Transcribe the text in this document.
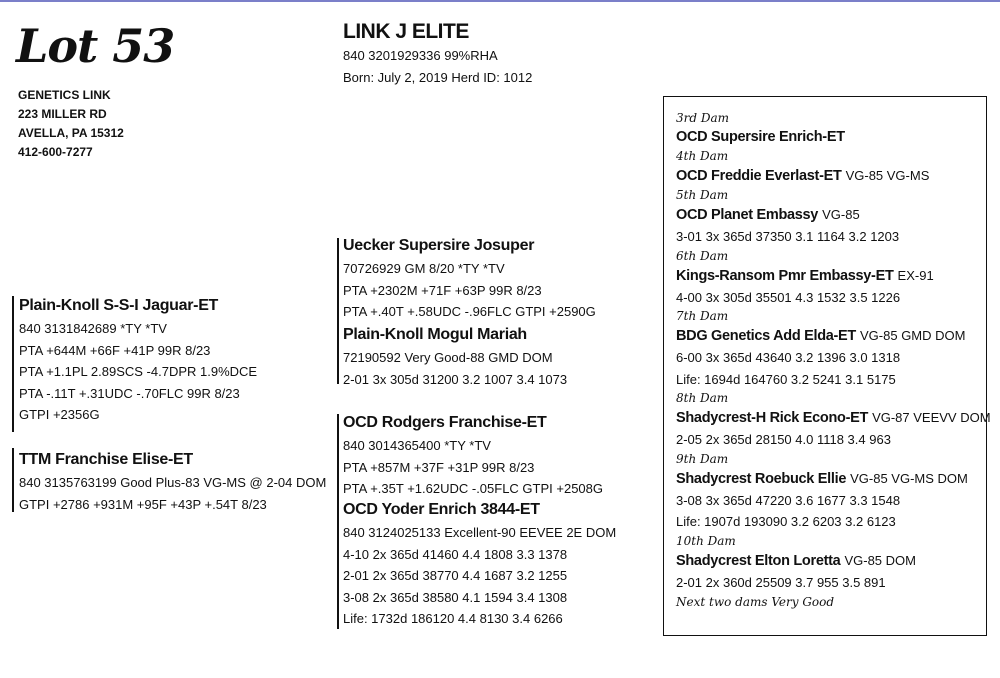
Lot 53
GENETICS LINK
223 MILLER RD
AVELLA, PA 15312
412-600-7277
LINK J ELITE
840 3201929336 99%RHA
Born: July 2, 2019 Herd ID: 1012
Plain-Knoll S-S-I Jaguar-ET
840 3131842689 *TY *TV
PTA +644M +66F +41P 99R 8/23
PTA +1.1PL 2.89SCS -4.7DPR 1.9%DCE
PTA -.11T +.31UDC -.70FLC 99R 8/23
GTPI +2356G
TTM Franchise Elise-ET
840 3135763199 Good Plus-83 VG-MS @ 2-04 DOM
GTPI +2786 +931M +95F +43P +.54T 8/23
Uecker Supersire Josuper
70726929 GM 8/20 *TY *TV
PTA +2302M +71F +63P 99R 8/23
PTA +.40T +.58UDC -.96FLC GTPI +2590G
Plain-Knoll Mogul Mariah
72190592 Very Good-88 GMD DOM
2-01 3x 305d 31200 3.2 1007 3.4 1073
OCD Rodgers Franchise-ET
840 3014365400 *TY *TV
PTA +857M +37F +31P 99R 8/23
PTA +.35T +1.62UDC -.05FLC GTPI +2508G
OCD Yoder Enrich 3844-ET
840 3124025133 Excellent-90 EEVEE 2E DOM
4-10 2x 365d 41460 4.4 1808 3.3 1378
2-01 2x 365d 38770 4.4 1687 3.2 1255
3-08 2x 365d 38580 4.1 1594 3.4 1308
Life: 1732d 186120 4.4 8130 3.4 6266
3rd Dam
OCD Supersire Enrich-ET
4th Dam
OCD Freddie Everlast-ET VG-85 VG-MS
5th Dam
OCD Planet Embassy VG-85
3-01 3x 365d 37350 3.1 1164 3.2 1203
6th Dam
Kings-Ransom Pmr Embassy-ET EX-91
4-00 3x 305d 35501 4.3 1532 3.5 1226
7th Dam
BDG Genetics Add Elda-ET VG-85 GMD DOM
6-00 3x 365d 43640 3.2 1396 3.0 1318
Life: 1694d 164760 3.2 5241 3.1 5175
8th Dam
Shadycrest-H Rick Econo-ET VG-87 VEEVV DOM
2-05 2x 365d 28150 4.0 1118 3.4 963
9th Dam
Shadycrest Roebuck Ellie VG-85 VG-MS DOM
3-08 3x 365d 47220 3.6 1677 3.3 1548
Life: 1907d 193090 3.2 6203 3.2 6123
10th Dam
Shadycrest Elton Loretta VG-85 DOM
2-01 2x 360d 25509 3.7 955 3.5 891
Next two dams Very Good
